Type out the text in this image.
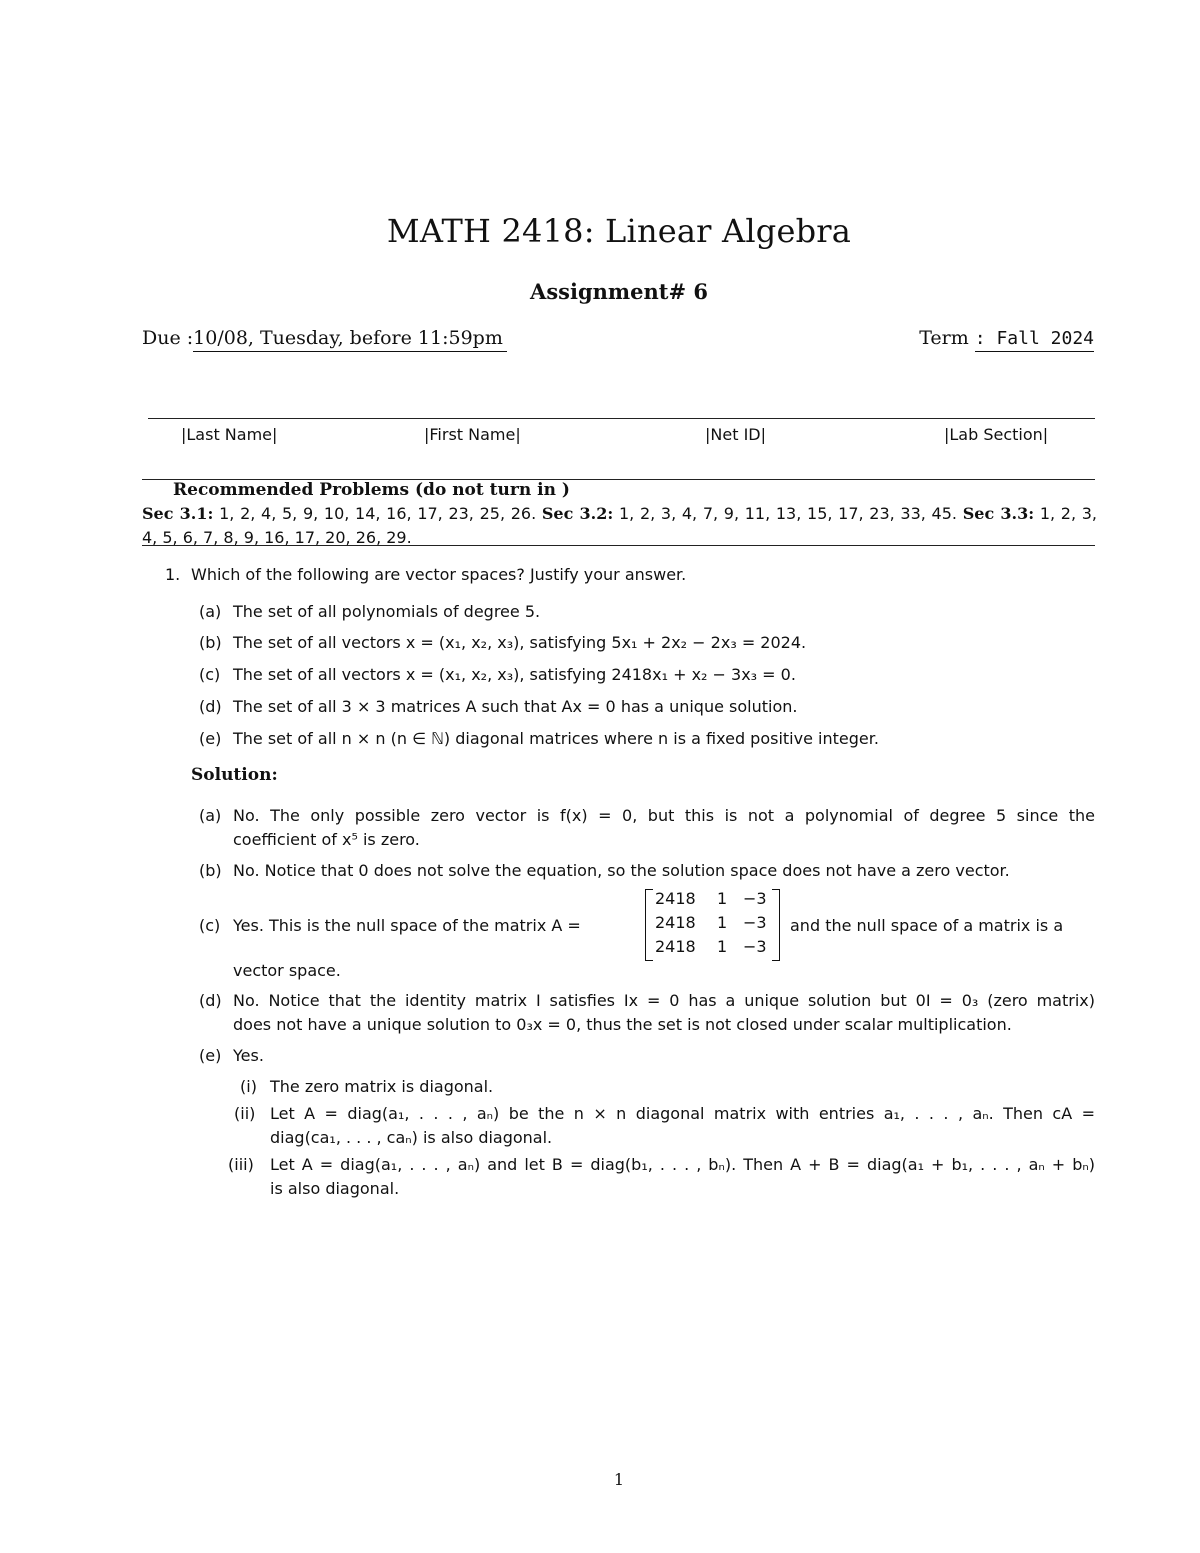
MATH 2418: Linear Algebra
Assignment# 6
Due :10/08, Tuesday, before 11:59pm	Term : Fall 2024
|Last Name|	|First Name|	|Net ID|	|Lab Section|
Recommended Problems (do not turn in )
Sec 3.1: 1, 2, 4, 5, 9, 10, 14, 16, 17, 23, 25, 26. Sec 3.2: 1, 2, 3, 4, 7, 9, 11, 13, 15, 17, 23, 33, 45. Sec 3.3: 1, 2, 3, 4, 5, 6, 7, 8, 9, 16, 17, 20, 26, 29.
1. Which of the following are vector spaces? Justify your answer.
(a) The set of all polynomials of degree 5.
(b) The set of all vectors x = (x₁, x₂, x₃), satisfying 5x₁ + 2x₂ − 2x₃ = 2024.
(c) The set of all vectors x = (x₁, x₂, x₃), satisfying 2418x₁ + x₂ − 3x₃ = 0.
(d) The set of all 3 × 3 matrices A such that Ax = 0 has a unique solution.
(e) The set of all n × n (n ∈ ℕ) diagonal matrices where n is a fixed positive integer.
Solution:
(a) No. The only possible zero vector is f(x) = 0, but this is not a polynomial of degree 5 since the
coefficient of x⁵ is zero.
(b) No. Notice that 0 does not solve the equation, so the solution space does not have a zero vector.
(c) Yes. This is the null space of the matrix A =	and the null space of a matrix is a
vector space.
(d) No. Notice that the identity matrix I satisfies Ix = 0 has a unique solution but 0I = 0₃ (zero matrix)
does not have a unique solution to 0₃x = 0, thus the set is not closed under scalar multiplication.
(e) Yes.
(i) The zero matrix is diagonal.
(ii) Let A = diag(a₁, . . . , aₙ) be the n × n diagonal matrix with entries a₁, . . . , aₙ. Then cA =
diag(ca₁, . . . , caₙ) is also diagonal.
(iii) Let A = diag(a₁, . . . , aₙ) and let B = diag(b₁, . . . , bₙ). Then A + B = diag(a₁ + b₁, . . . , aₙ + bₙ)
is also diagonal.
2418 1 −3
2418 1 −3
2418 1 −3
1
